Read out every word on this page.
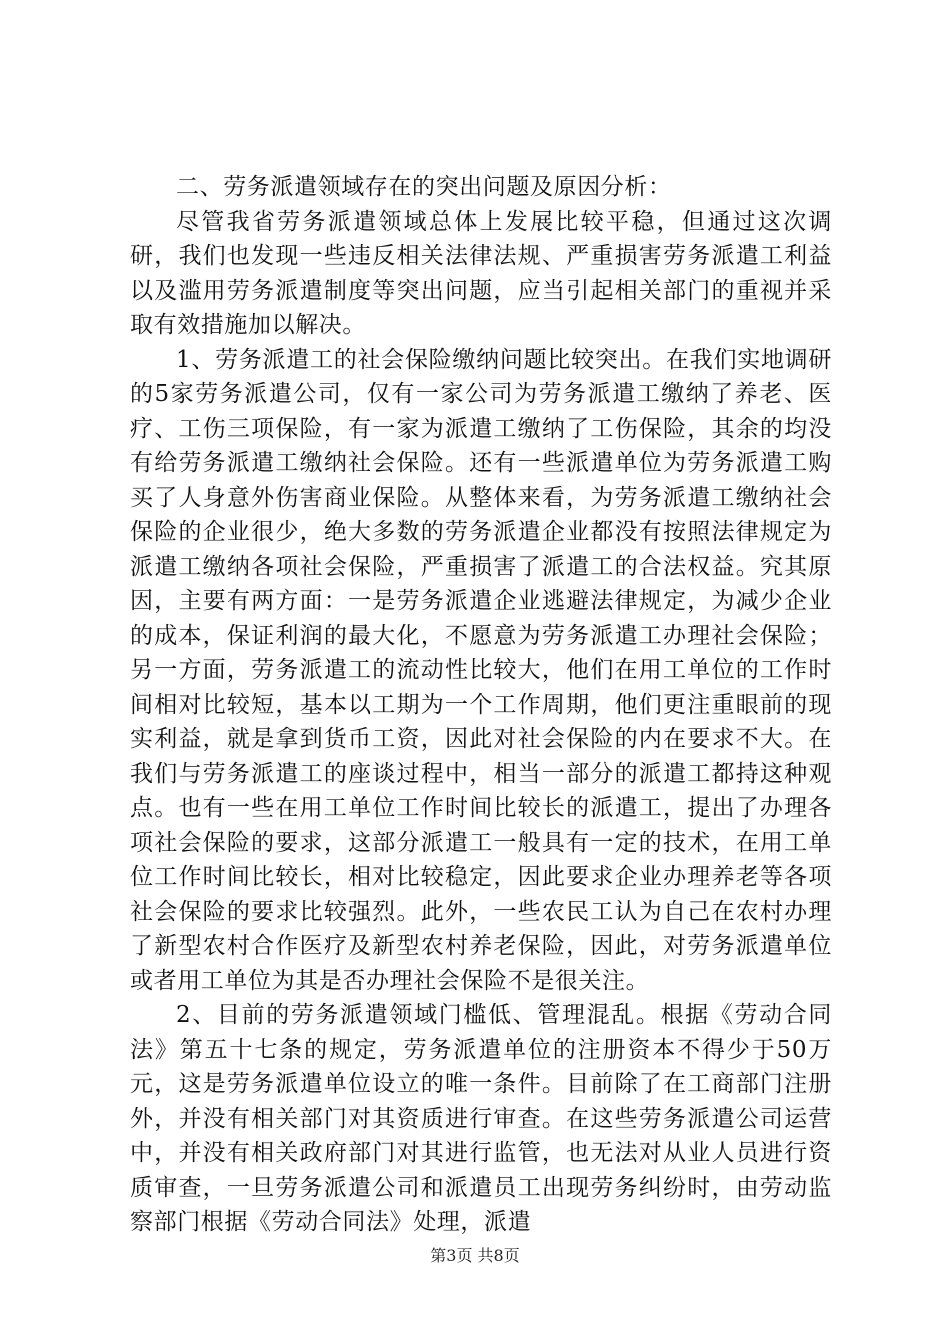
二、劳务派遣领域存在的突出问题及原因分析：

尽管我省劳务派遣领域总体上发展比较平稳，但通过这次调研，我们也发现一些违反相关法律法规、严重损害劳务派遣工利益以及滥用劳务派遣制度等突出问题，应当引起相关部门的重视并采取有效措施加以解决。

1、劳务派遣工的社会保险缴纳问题比较突出。在我们实地调研的5家劳务派遣公司，仅有一家公司为劳务派遣工缴纳了养老、医疗、工伤三项保险，有一家为派遣工缴纳了工伤保险，其余的均没有给劳务派遣工缴纳社会保险。还有一些派遣单位为劳务派遣工购买了人身意外伤害商业保险。从整体来看，为劳务派遣工缴纳社会保险的企业很少，绝大多数的劳务派遣企业都没有按照法律规定为派遣工缴纳各项社会保险，严重损害了派遣工的合法权益。究其原因，主要有两方面：一是劳务派遣企业逃避法律规定，为减少企业的成本，保证利润的最大化，不愿意为劳务派遣工办理社会保险；另一方面，劳务派遣工的流动性比较大，他们在用工单位的工作时间相对比较短，基本以工期为一个工作周期，他们更注重眼前的现实利益，就是拿到货币工资，因此对社会保险的内在要求不大。在我们与劳务派遣工的座谈过程中，相当一部分的派遣工都持这种观点。也有一些在用工单位工作时间比较长的派遣工，提出了办理各项社会保险的要求，这部分派遣工一般具有一定的技术，在用工单位工作时间比较长，相对比较稳定，因此要求企业办理养老等各项社会保险的要求比较强烈。此外，一些农民工认为自己在农村办理了新型农村合作医疗及新型农村养老保险，因此，对劳务派遣单位或者用工单位为其是否办理社会保险不是很关注。

2、目前的劳务派遣领域门槛低、管理混乱。根据《劳动合同法》第五十七条的规定，劳务派遣单位的注册资本不得少于50万元，这是劳务派遣单位设立的唯一条件。目前除了在工商部门注册外，并没有相关部门对其资质进行审查。在这些劳务派遣公司运营中，并没有相关政府部门对其进行监管，也无法对从业人员进行资质审查，一旦劳务派遣公司和派遣员工出现劳务纠纷时，由劳动监察部门根据《劳动合同法》处理，派遣

第3页 共8页
